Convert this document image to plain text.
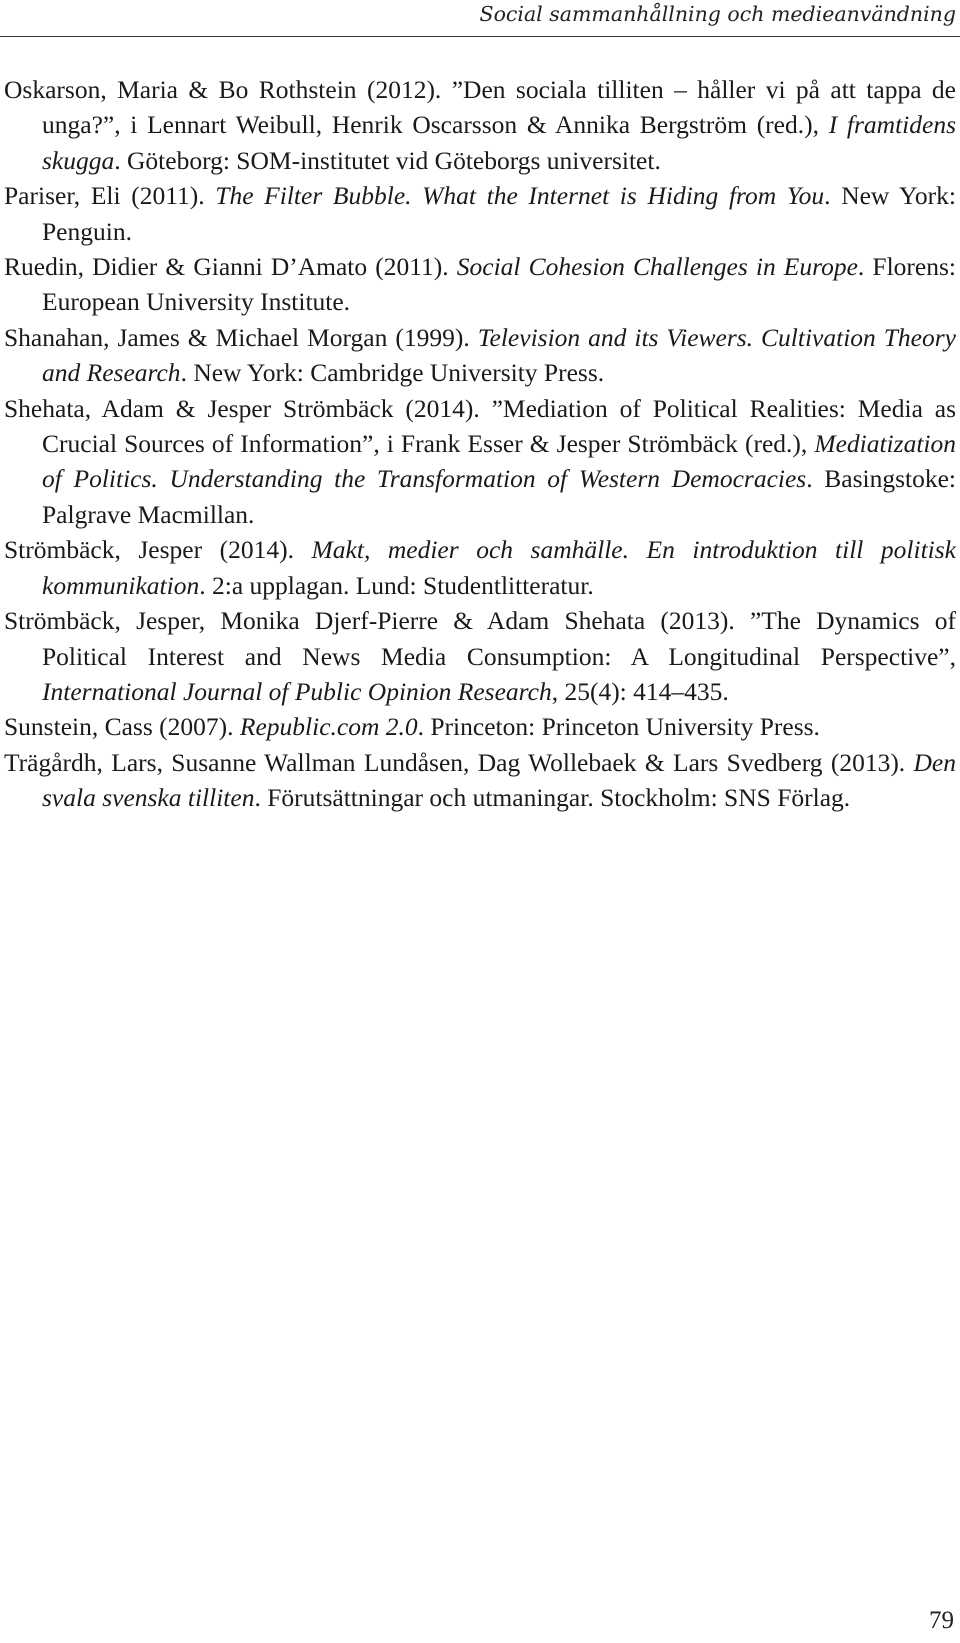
Social sammanhållning och medieanvändning

Oskarson, Maria & Bo Rothstein (2012). ”Den sociala tilliten – håller vi på att tappa de unga?”, i Lennart Weibull, Henrik Oscarsson & Annika Bergström (red.), I framtidens skugga. Göteborg: SOM-institutet vid Göteborgs universitet.

Pariser, Eli (2011). The Filter Bubble. What the Internet is Hiding from You. New York: Penguin.

Ruedin, Didier & Gianni D’Amato (2011). Social Cohesion Challenges in Europe. Florens: European University Institute.

Shanahan, James & Michael Morgan (1999). Television and its Viewers. Cultivation Theory and Research. New York: Cambridge University Press.

Shehata, Adam & Jesper Strömbäck (2014). ”Mediation of Political Realities: Media as Crucial Sources of Information”, i Frank Esser & Jesper Strömbäck (red.), Mediatization of Politics. Understanding the Transformation of Western Democracies. Basingstoke: Palgrave Macmillan.

Strömbäck, Jesper (2014). Makt, medier och samhälle. En introduktion till politisk kommunikation. 2:a upplagan. Lund: Studentlitteratur.

Strömbäck, Jesper, Monika Djerf-Pierre & Adam Shehata (2013). ”The Dynamics of Political Interest and News Media Consumption: A Longitudinal Perspective”, International Journal of Public Opinion Research, 25(4): 414–435.

Sunstein, Cass (2007). Republic.com 2.0. Princeton: Princeton University Press.

Trägårdh, Lars, Susanne Wallman Lundåsen, Dag Wollebaek & Lars Svedberg (2013). Den svala svenska tilliten. Förutsättningar och utmaningar. Stockholm: SNS Förlag.

79
